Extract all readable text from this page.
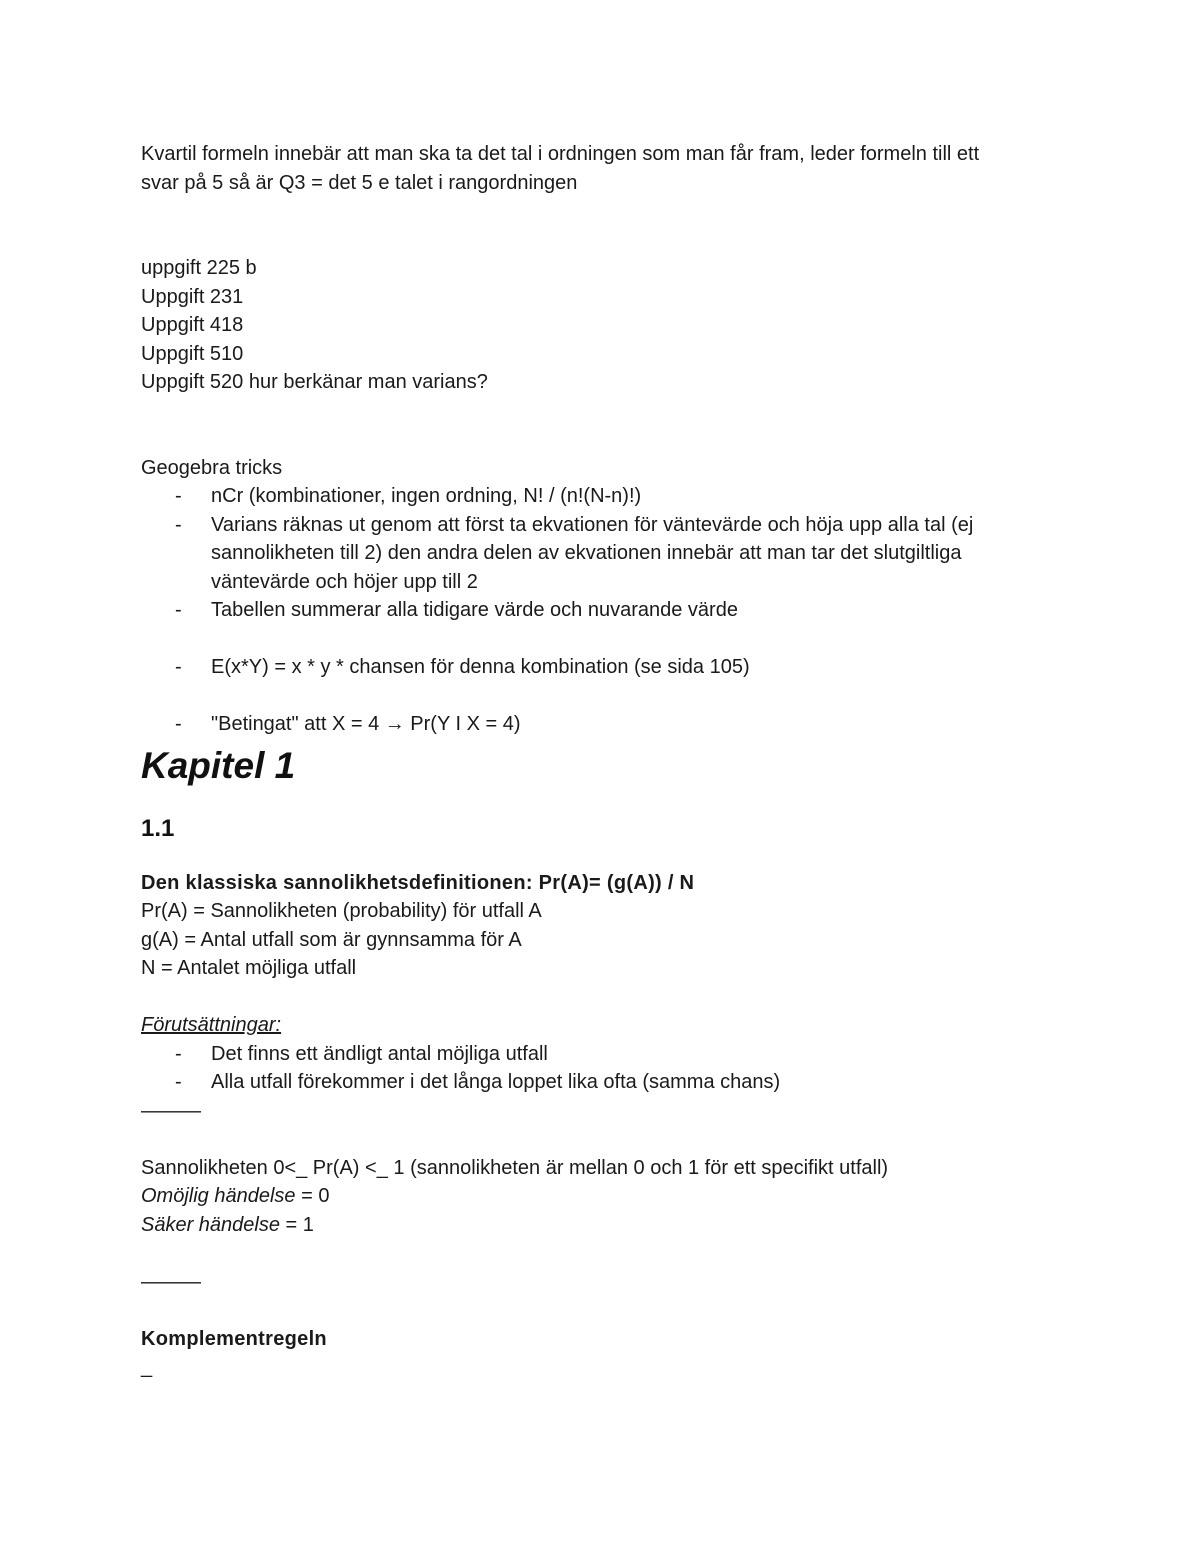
Kvartil formeln innebär att man ska ta det tal i ordningen som man får fram, leder formeln till ett

svar på 5 så är Q3 = det 5 e talet i rangordningen

uppgift 225 b

Uppgift 231

Uppgift 418

Uppgift 510

Uppgift 520 hur berkänar man varians?

Geogebra tricks

- nCr (kombinationer, ingen ordning, N! / (n!(N-n)!)
- Varians räknas ut genom att först ta ekvationen för väntevärde och höja upp alla tal (ej sannolikheten till 2) den andra delen av ekvationen innebär att man tar det slutgiltliga väntevärde och höjer upp till 2
- Tabellen summerar alla tidigare värde och nuvarande värde
- E(x*Y) = x * y * chansen för denna kombination (se sida 105)
- "Betingat" att X = 4 → Pr(Y I X = 4)

Kapitel 1

1.1

Den klassiska sannolikhetsdefinitionen: Pr(A)= (g(A)) / N

Pr(A) = Sannolikheten (probability) för utfall A

g(A) = Antal utfall som är gynnsamma för A

N = Antalet möjliga utfall

Förutsättningar:

- Det finns ett ändligt antal möjliga utfall
- Alla utfall förekommer i det långa loppet lika ofta (samma chans)

———

Sannolikheten 0<_ Pr(A) <_ 1 (sannolikheten är mellan 0 och 1 för ett specifikt utfall)

Omöjlig händelse = 0

Säker händelse = 1

———

Komplementregeln

_
